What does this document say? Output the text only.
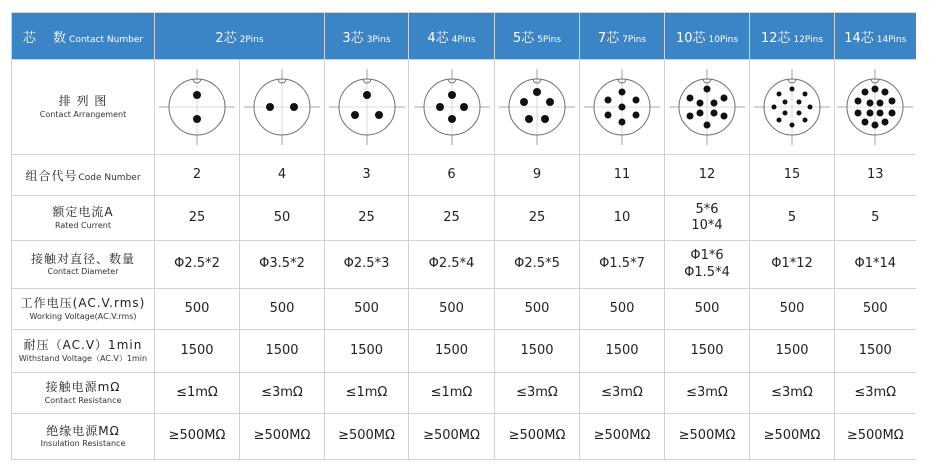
芯　 数 Contact Number	2芯 2Pins		3芯 3Pins	4芯 4Pins	5芯 5Pins	7芯 7Pins	10芯 10Pins	12芯 12Pins	14芯 14Pins

排 列 图
Contact Arrangement

组合代号Code Number	2	4	3	6	9	11	12	15	13

额定电流A
Rated Current	25	50	25	25	25	10	5*6
10*4	5	5

接触对直径、数量
Contact Diameter	Φ2.5*2	Φ3.5*2	Φ2.5*3	Φ2.5*4	Φ2.5*5	Φ1.5*7	Φ1*6
Φ1.5*4	Φ1*12	Φ1*14

工作电压(AC.V.rms)
Working Voltage(AC.V.rms)	500	500	500	500	500	500	500	500	500

耐压（AC.V）1min
Withstand Voltage（AC.V）1min	1500	1500	1500	1500	1500	1500	1500	1500	1500

接触电源mΩ
Contact Resistance	≤1mΩ	≤3mΩ	≤1mΩ	≤1mΩ	≤3mΩ	≤3mΩ	≤3mΩ	≤3mΩ	≤3mΩ

绝缘电源MΩ
Insulation Resistance	≥500MΩ	≥500MΩ	≥500MΩ	≥500MΩ	≥500MΩ	≥500MΩ	≥500MΩ	≥500MΩ	≥500MΩ
